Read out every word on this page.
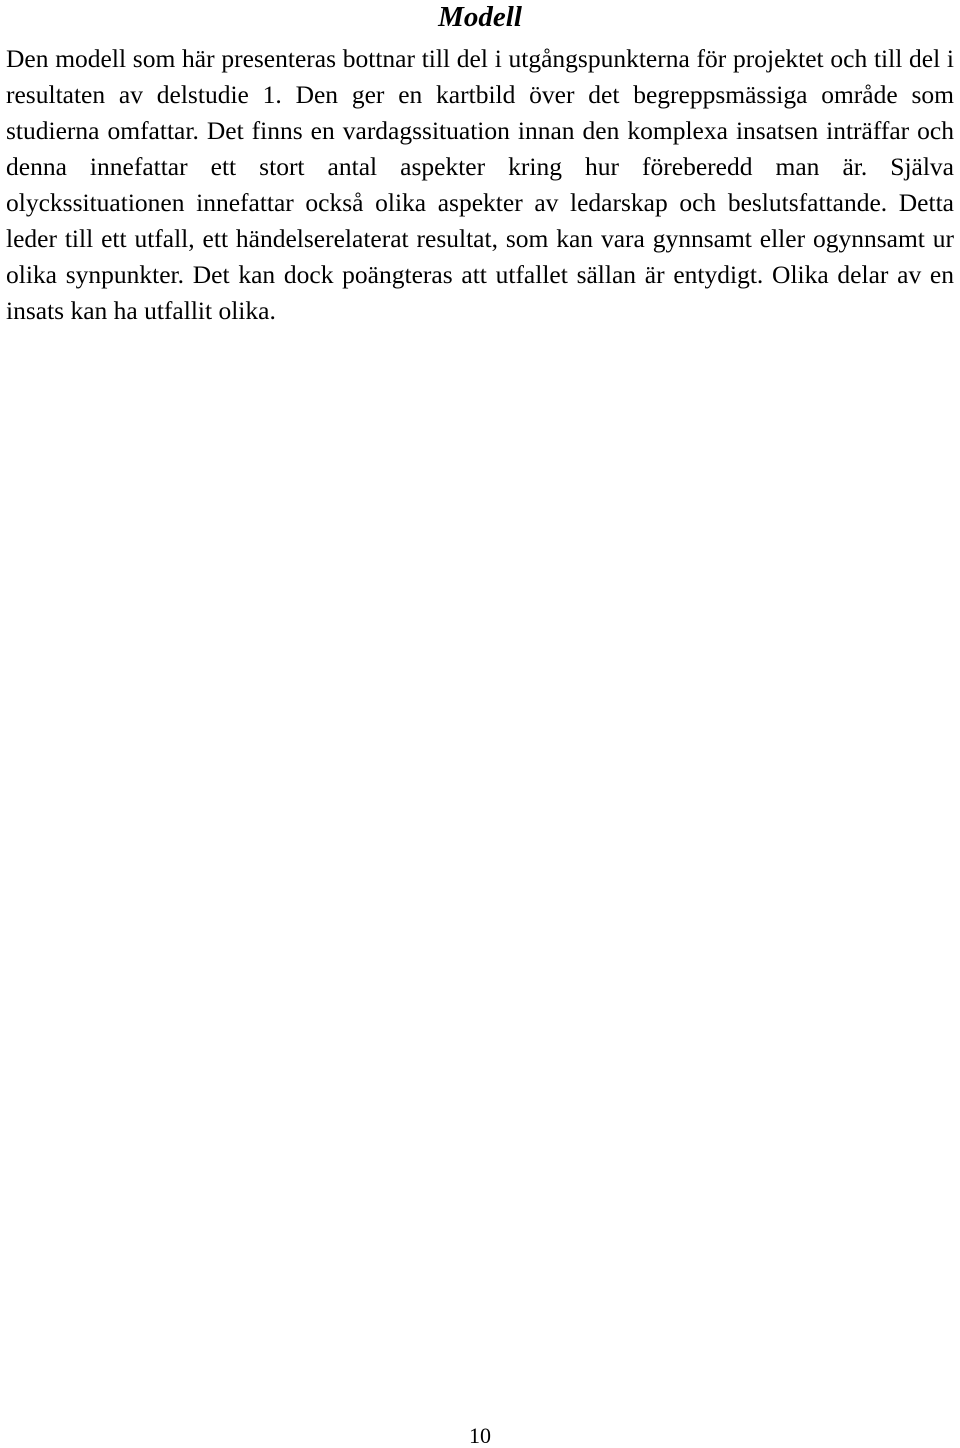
Modell

Den modell som här presenteras bottnar till del i utgångspunkterna för projektet och till del i resultaten av delstudie 1. Den ger en kartbild över det begreppsmässiga område som studierna omfattar. Det finns en vardagssituation innan den komplexa insatsen inträffar och denna innefattar ett stort antal aspekter kring hur föreberedd man är. Själva olyckssituationen innefattar också olika aspekter av ledarskap och beslutsfattande. Detta leder till ett utfall, ett händelserelaterat resultat, som kan vara gynnsamt eller ogynnsamt ur olika synpunkter. Det kan dock poängteras att utfallet sällan är entydigt. Olika delar av en insats kan ha utfallit olika.

10
